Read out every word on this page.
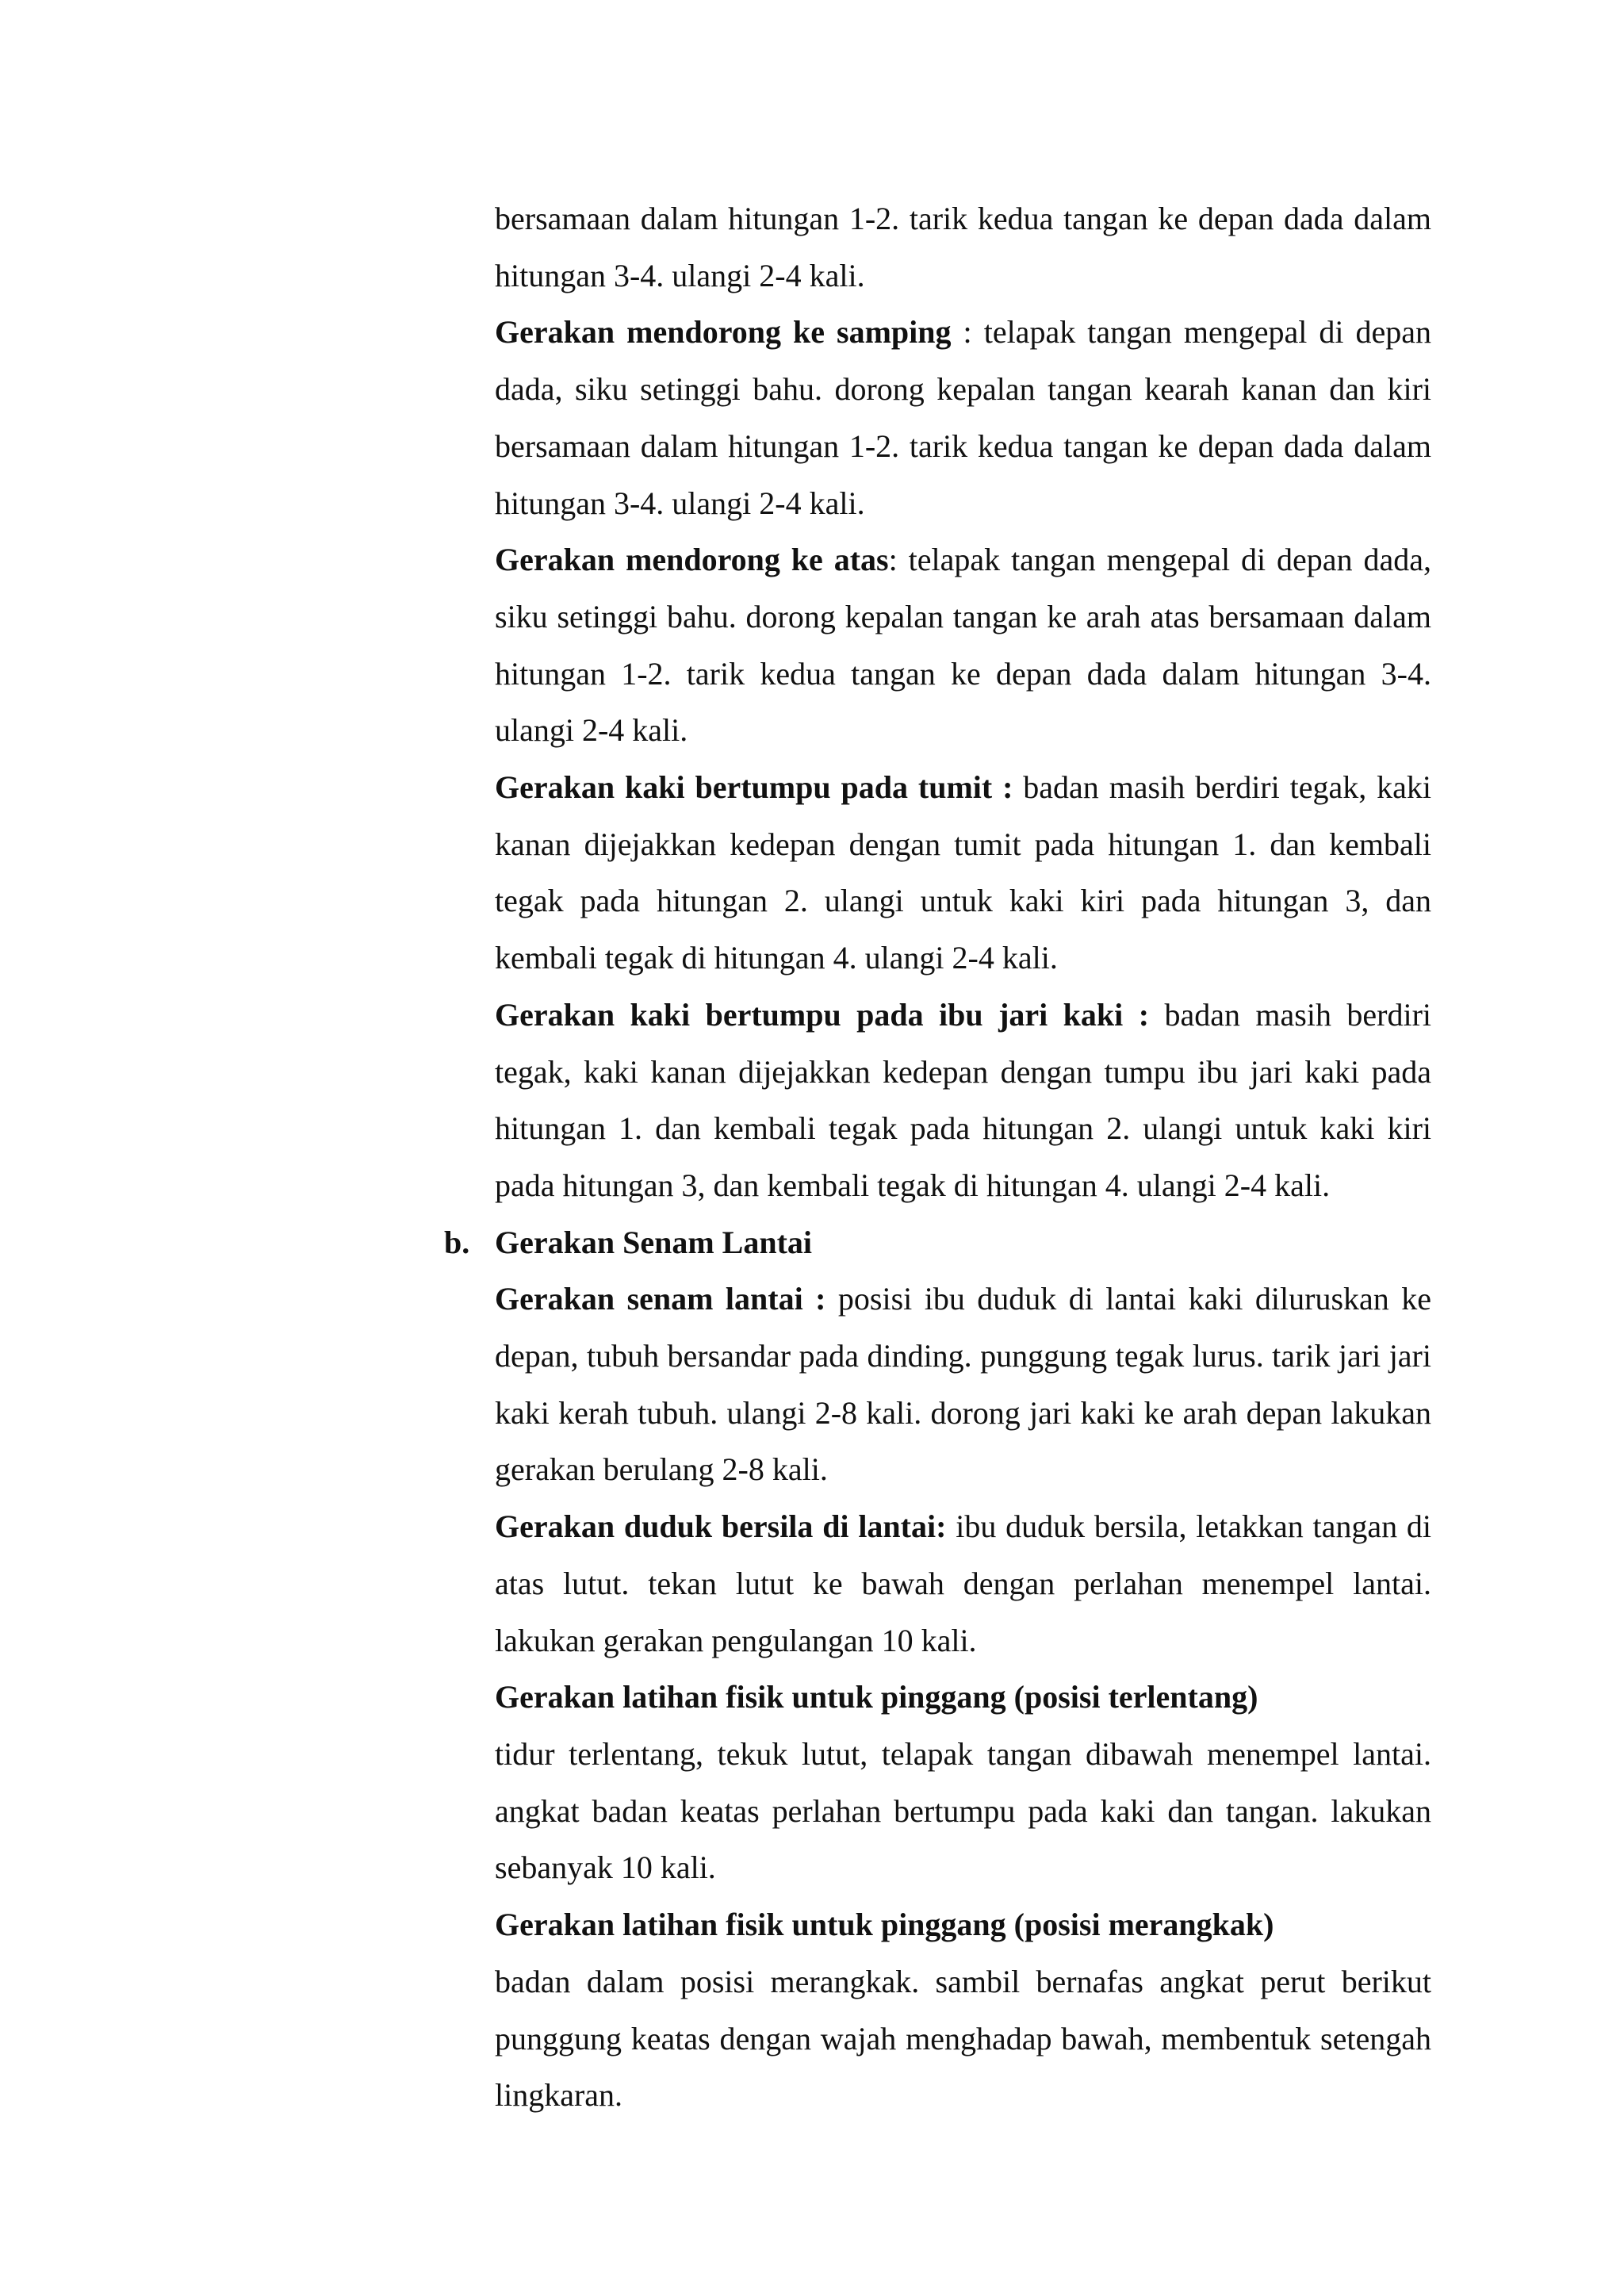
bersamaan dalam hitungan 1-2. tarik kedua tangan ke depan dada dalam hitungan 3-4. ulangi 2-4 kali.

Gerakan mendorong ke samping : telapak tangan mengepal di depan dada, siku setinggi bahu. dorong kepalan tangan kearah kanan dan kiri bersamaan dalam hitungan 1-2. tarik kedua tangan ke depan dada dalam hitungan 3-4. ulangi 2-4 kali.

Gerakan mendorong ke atas: telapak tangan mengepal di depan dada, siku setinggi bahu. dorong kepalan tangan ke arah atas bersamaan dalam hitungan 1-2. tarik kedua tangan ke depan dada dalam hitungan 3-4. ulangi 2-4 kali.

Gerakan kaki bertumpu pada tumit : badan masih berdiri tegak, kaki kanan dijejakkan kedepan dengan tumit pada hitungan 1. dan kembali tegak pada hitungan 2. ulangi untuk kaki kiri pada hitungan 3, dan kembali tegak di hitungan 4. ulangi 2-4 kali.

Gerakan kaki bertumpu pada ibu jari kaki : badan masih berdiri tegak, kaki kanan dijejakkan kedepan dengan tumpu ibu jari kaki pada hitungan 1. dan kembali tegak pada hitungan 2. ulangi untuk kaki kiri pada hitungan 3, dan kembali tegak di hitungan 4. ulangi 2-4 kali.

b. Gerakan Senam Lantai

Gerakan senam lantai : posisi ibu duduk di lantai kaki diluruskan ke depan, tubuh bersandar pada dinding. punggung tegak lurus. tarik jari jari kaki kerah tubuh. ulangi 2-8 kali. dorong jari kaki ke arah depan lakukan gerakan berulang 2-8 kali.

Gerakan duduk bersila di lantai: ibu duduk bersila, letakkan tangan di atas lutut. tekan lutut ke bawah dengan perlahan menempel lantai. lakukan gerakan pengulangan 10 kali.

Gerakan latihan fisik untuk pinggang (posisi terlentang)

tidur terlentang, tekuk lutut, telapak tangan dibawah menempel lantai. angkat badan keatas perlahan bertumpu pada kaki dan tangan. lakukan sebanyak 10 kali.

Gerakan latihan fisik untuk pinggang (posisi merangkak)

badan dalam posisi merangkak. sambil bernafas angkat perut berikut punggung keatas dengan wajah menghadap bawah, membentuk setengah lingkaran.
